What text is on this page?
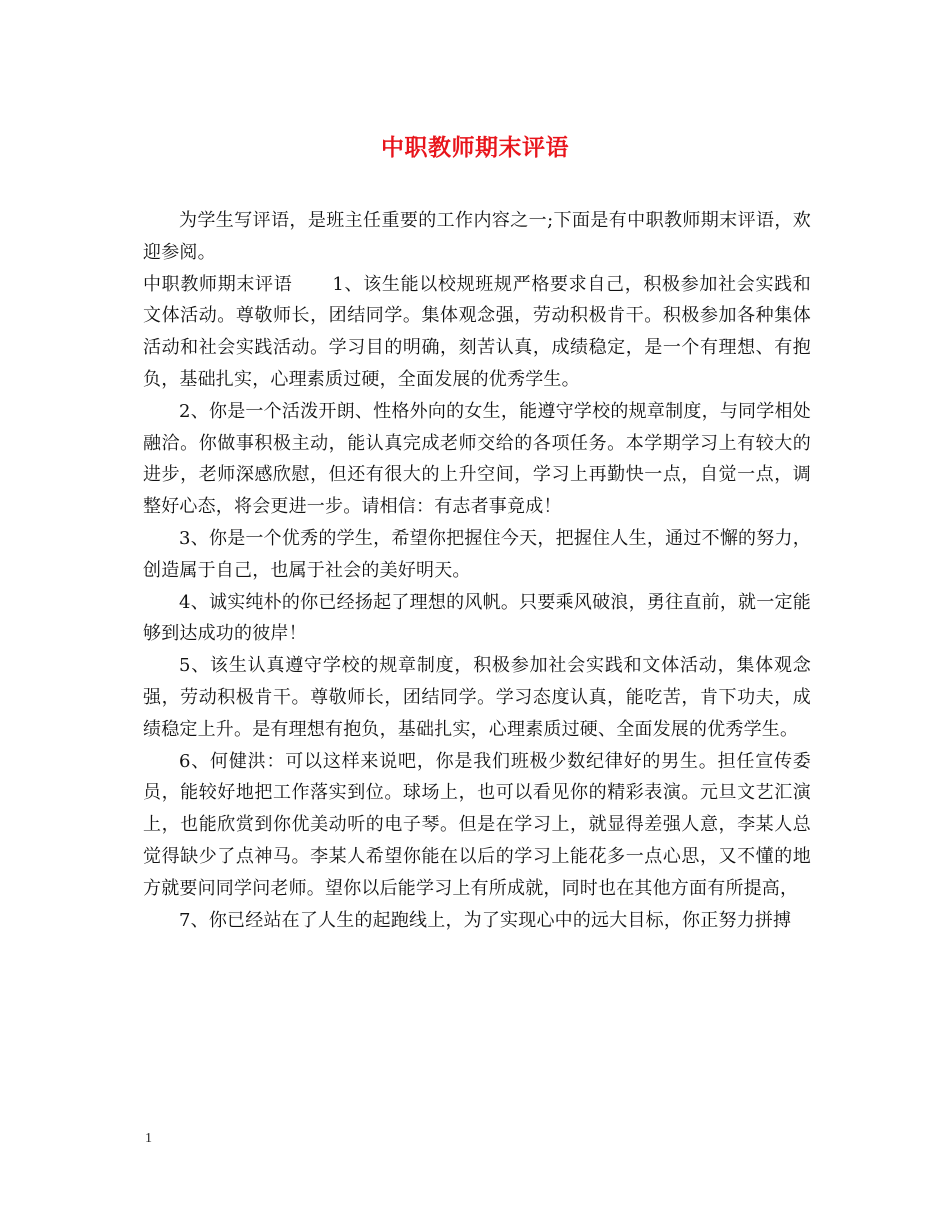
中职教师期末评语

为学生写评语，是班主任重要的工作内容之一;下面是有中职教师期末评语，欢迎参阅。

中职教师期末评语 1、该生能以校规班规严格要求自己，积极参加社会实践和文体活动。尊敬师长，团结同学。集体观念强，劳动积极肯干。积极参加各种集体活动和社会实践活动。学习目的明确，刻苦认真，成绩稳定，是一个有理想、有抱负，基础扎实，心理素质过硬，全面发展的优秀学生。

2、你是一个活泼开朗、性格外向的女生，能遵守学校的规章制度，与同学相处融洽。你做事积极主动，能认真完成老师交给的各项任务。本学期学习上有较大的进步，老师深感欣慰，但还有很大的上升空间，学习上再勤快一点，自觉一点，调整好心态，将会更进一步。请相信：有志者事竟成！

3、你是一个优秀的学生，希望你把握住今天，把握住人生，通过不懈的努力，创造属于自己，也属于社会的美好明天。

4、诚实纯朴的你已经扬起了理想的风帆。只要乘风破浪，勇往直前，就一定能够到达成功的彼岸！

5、该生认真遵守学校的规章制度，积极参加社会实践和文体活动，集体观念强，劳动积极肯干。尊敬师长，团结同学。学习态度认真，能吃苦，肯下功夫，成绩稳定上升。是有理想有抱负，基础扎实，心理素质过硬、全面发展的优秀学生。

6、何健洪：可以这样来说吧，你是我们班极少数纪律好的男生。担任宣传委员，能较好地把工作落实到位。球场上，也可以看见你的精彩表演。元旦文艺汇演上，也能欣赏到你优美动听的电子琴。但是在学习上，就显得差强人意，李某人总觉得缺少了点神马。李某人希望你能在以后的学习上能花多一点心思，又不懂的地方就要问同学问老师。望你以后能学习上有所成就，同时也在其他方面有所提高，

7、你已经站在了人生的起跑线上，为了实现心中的远大目标，你正努力拼搏

1
